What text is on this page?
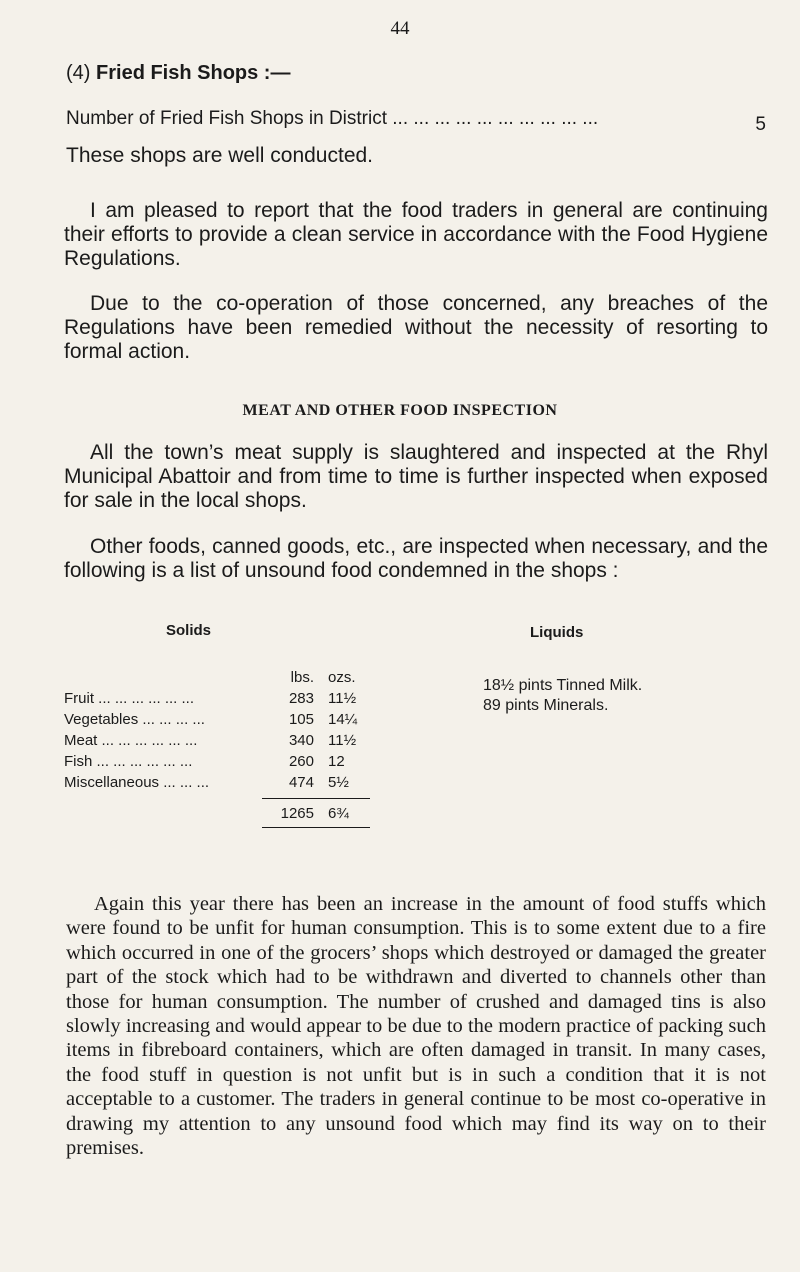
44
(4) Fried Fish Shops :—
Number of Fried Fish Shops in District ... ... ... ... ... ... ... ... ... ...	5
These shops are well conducted.

I am pleased to report that the food traders in general are continuing their efforts to provide a clean service in accordance with the Food Hygiene Regulations.

Due to the co-operation of those concerned, any breaches of the Regulations have been remedied without the necessity of resorting to formal action.

MEAT AND OTHER FOOD INSPECTION

All the town’s meat supply is slaughtered and inspected at the Rhyl Municipal Abattoir and from time to time is further inspected when exposed for sale in the local shops.

Other foods, canned goods, etc., are inspected when necessary, and the following is a list of unsound food condemned in the shops :

Solids	Liquids
	lbs.	ozs.
Fruit ... ... ... ... ... ...	283	11½
Vegetables ... ... ... ...	105	14¼
Meat ... ... ... ... ... ...	340	11½
Fish ... ... ... ... ... ...	260	12
Miscellaneous ... ... ...	474	5½
	1265	6¾
18½ pints Tinned Milk.
89 pints Minerals.

Again this year there has been an increase in the amount of food stuffs which were found to be unfit for human consumption. This is to some extent due to a fire which occurred in one of the grocers’ shops which destroyed or damaged the greater part of the stock which had to be withdrawn and diverted to channels other than those for human consumption. The number of crushed and damaged tins is also slowly increasing and would appear to be due to the modern practice of packing such items in fibreboard containers, which are often damaged in transit. In many cases, the food stuff in question is not unfit but is in such a condition that it is not acceptable to a customer. The traders in general continue to be most co-operative in drawing my attention to any unsound food which may find its way on to their premises.
